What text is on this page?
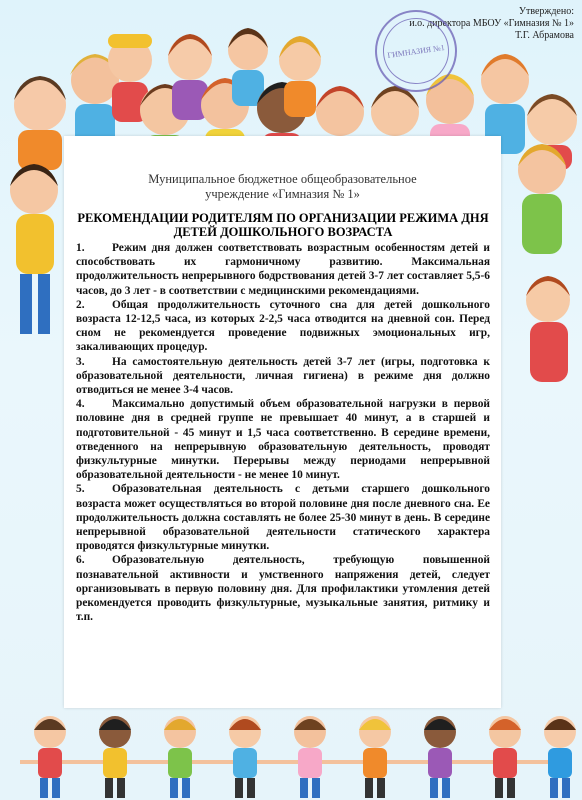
Утверждено:
и.о. директора МБОУ «Гимназия № 1»
Т.Г. Абрамова
ГИМНАЗИЯ №1
Муниципальное бюджетное общеобразовательное
учреждение «Гимназия № 1»
РЕКОМЕНДАЦИИ РОДИТЕЛЯМ ПО ОРГАНИЗАЦИИ РЕЖИМА ДНЯ
ДЕТЕЙ ДОШКОЛЬНОГО ВОЗРАСТА

1. Режим дня должен соответствовать возрастным особенностям детей и способствовать их гармоничному развитию. Максимальная продолжительность непрерывного бодрствования детей 3-7 лет составляет 5,5-6 часов, до 3 лет - в соответствии с медицинскими рекомендациями.

2. Общая продолжительность суточного сна для детей дошкольного возраста 12-12,5 часа, из которых 2-2,5 часа отводится на дневной сон. Перед сном не рекомендуется проведение подвижных эмоциональных игр, закаливающих процедур.

3. На самостоятельную деятельность детей 3-7 лет (игры, подготовка к образовательной деятельности, личная гигиена) в режиме дня должно отводиться не менее 3-4 часов.

4. Максимально допустимый объем образовательной нагрузки в первой половине дня в средней группе не превышает 40 минут, а в старшей и подготовительной - 45 минут и 1,5 часа соответственно. В середине времени, отведенного на непрерывную образовательную деятельность, проводят физкультурные минутки. Перерывы между периодами непрерывной образовательной деятельности - не менее 10 минут.

5. Образовательная деятельность с детьми старшего дошкольного возраста может осуществляться во второй половине дня после дневного сна. Ее продолжительность должна составлять не более 25-30 минут в день. В середине непрерывной образовательной деятельности статического характера проводятся физкультурные минутки.

6. Образовательную деятельность, требующую повышенной познавательной активности и умственного напряжения детей, следует организовывать в первую половину дня. Для профилактики утомления детей рекомендуется проводить физкультурные, музыкальные занятия, ритмику и т.п.
